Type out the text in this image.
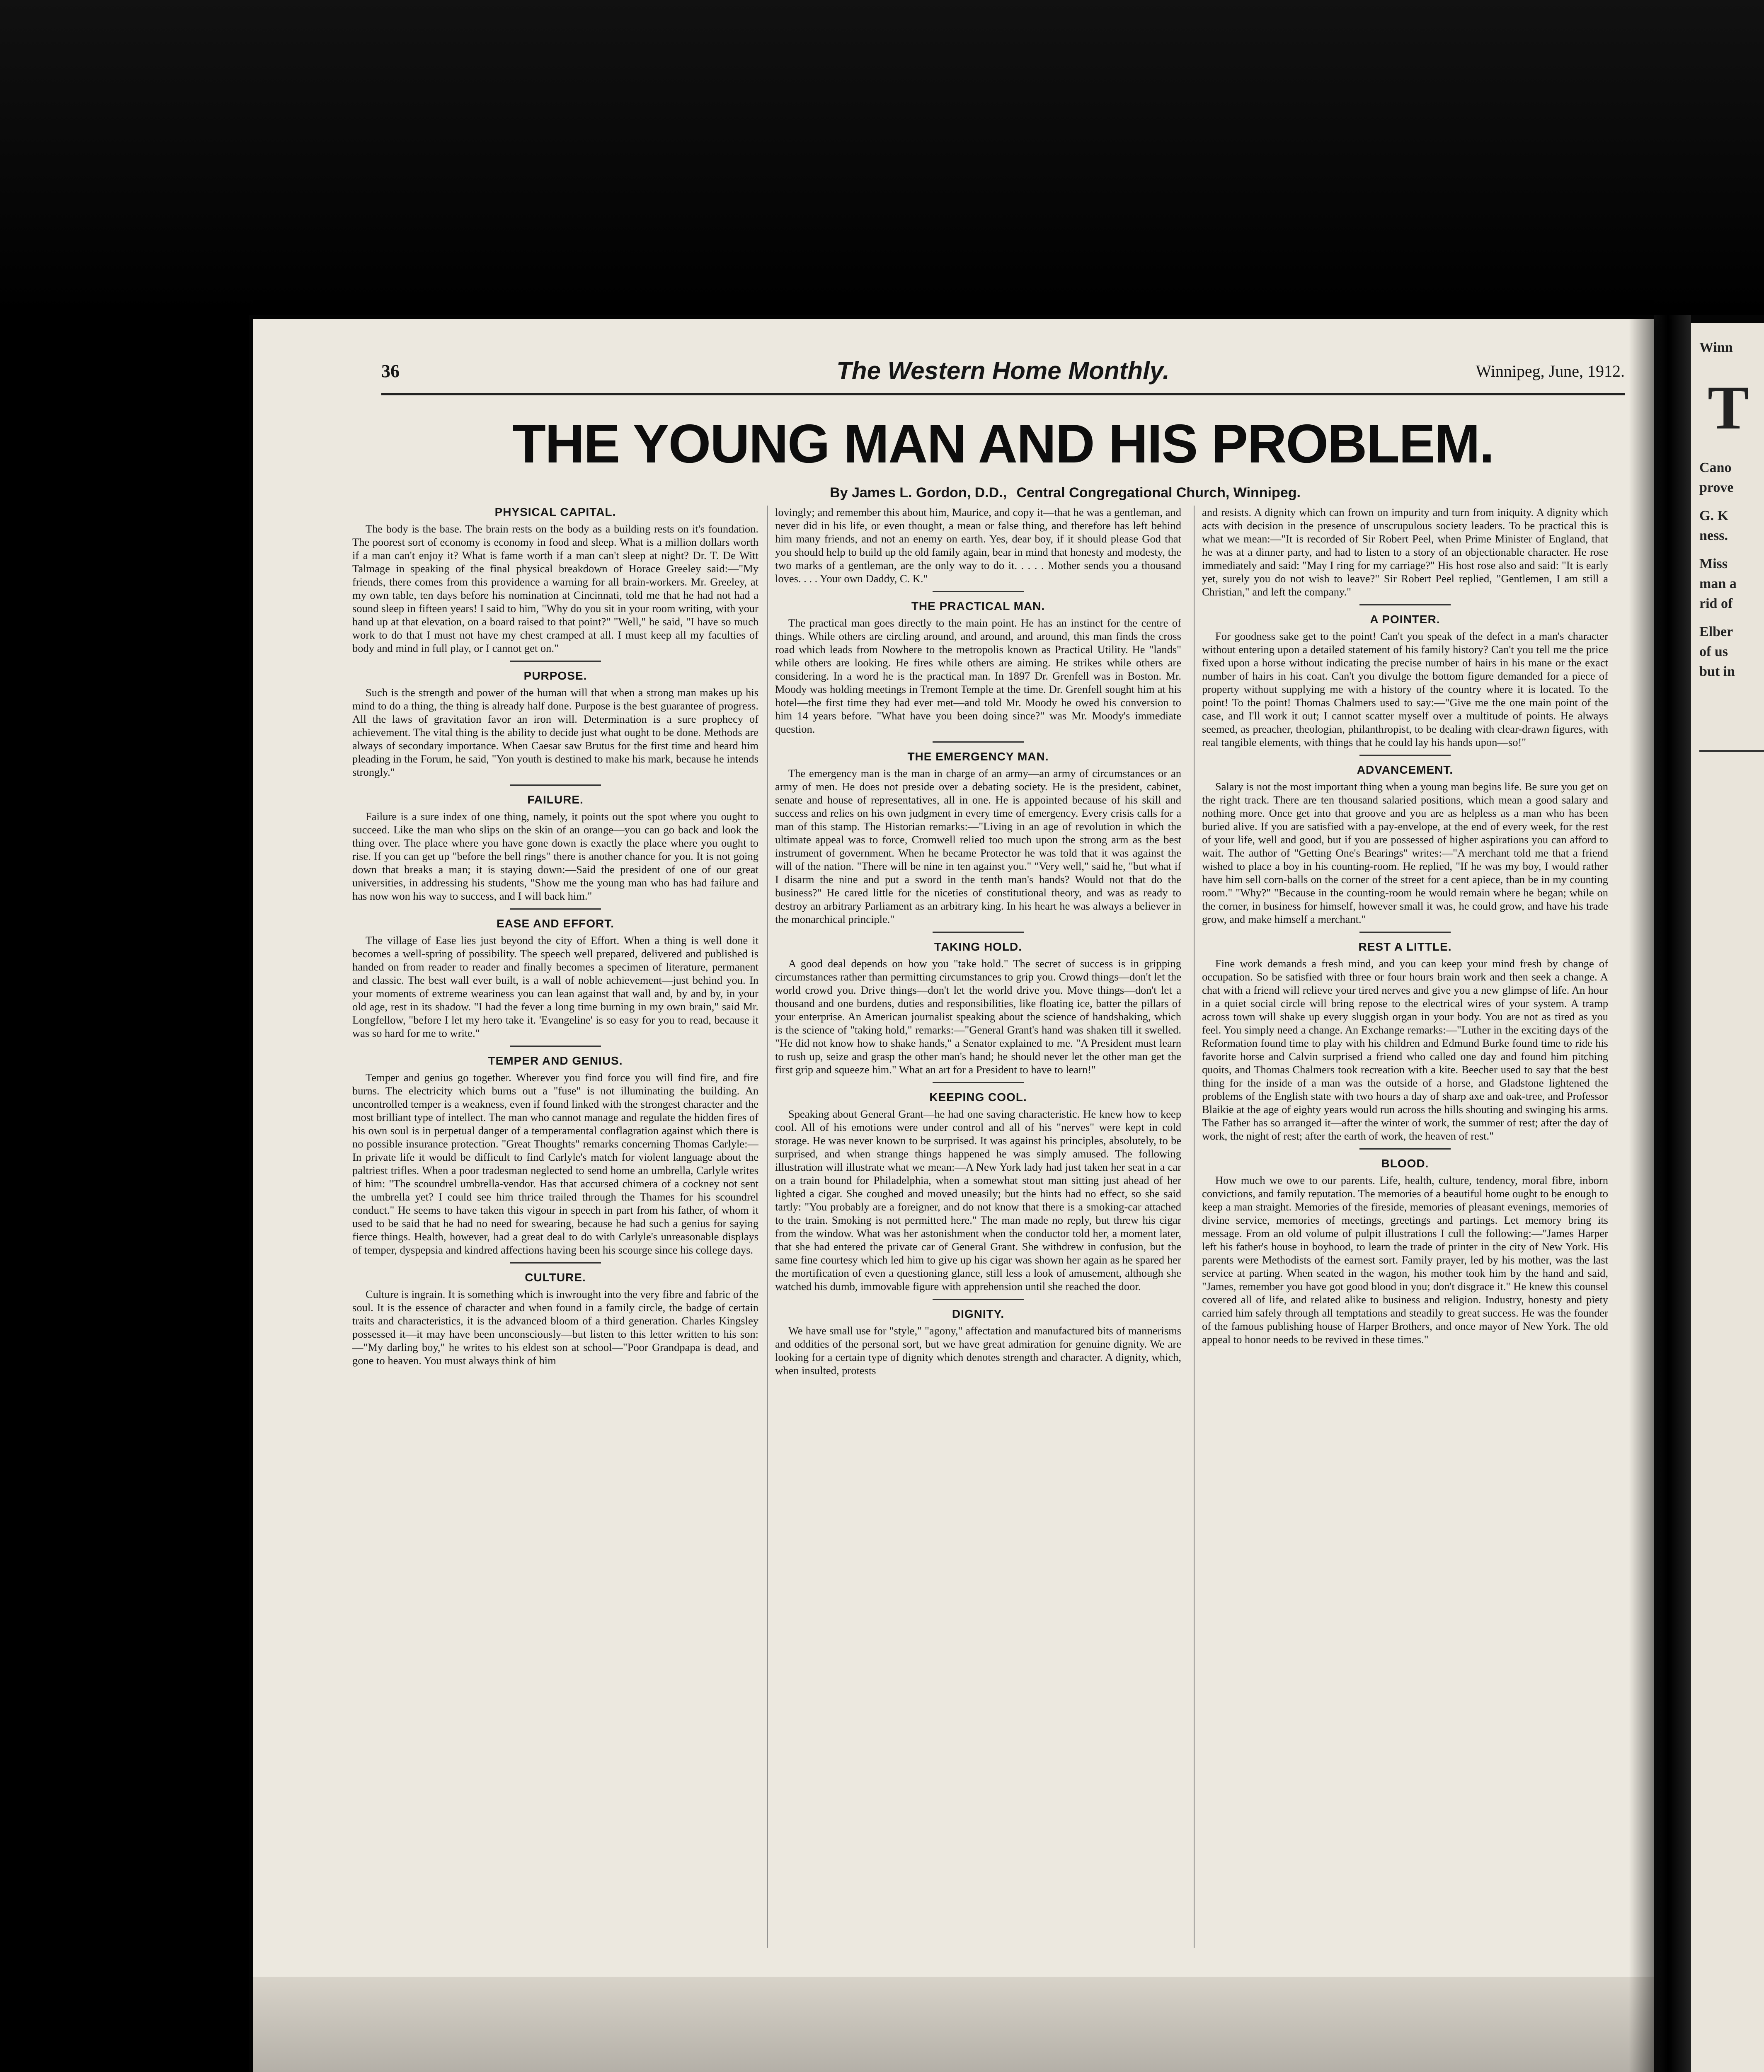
Winn
T
Cano
prove
G. K
ness.
Miss
man a
rid of
Elber
of us
but in
36	The Western Home Monthly.	Winnipeg, June, 1912.
THE YOUNG MAN AND HIS PROBLEM.
By James L. Gordon, D.D., Central Congregational Church, Winnipeg.
PHYSICAL CAPITAL.

The body is the base. The brain rests on the body as a building rests on it's foundation. The poorest sort of economy is economy in food and sleep. What is a million dollars worth if a man can't enjoy it? What is fame worth if a man can't sleep at night? Dr. T. De Witt Talmage in speaking of the final physical breakdown of Horace Greeley said:—"My friends, there comes from this providence a warning for all brain-workers. Mr. Greeley, at my own table, ten days before his nomination at Cincinnati, told me that he had not had a sound sleep in fifteen years! I said to him, "Why do you sit in your room writing, with your hand up at that elevation, on a board raised to that point?" "Well," he said, "I have so much work to do that I must not have my chest cramped at all. I must keep all my faculties of body and mind in full play, or I cannot get on."

PURPOSE.

Such is the strength and power of the human will that when a strong man makes up his mind to do a thing, the thing is already half done. Purpose is the best guarantee of progress. All the laws of gravitation favor an iron will. Determination is a sure prophecy of achievement. The vital thing is the ability to decide just what ought to be done. Methods are always of secondary importance. When Caesar saw Brutus for the first time and heard him pleading in the Forum, he said, "Yon youth is destined to make his mark, because he intends strongly."

FAILURE.

Failure is a sure index of one thing, namely, it points out the spot where you ought to succeed. Like the man who slips on the skin of an orange—you can go back and look the thing over. The place where you have gone down is exactly the place where you ought to rise. If you can get up "before the bell rings" there is another chance for you. It is not going down that breaks a man; it is staying down:—Said the president of one of our great universities, in addressing his students, "Show me the young man who has had failure and has now won his way to success, and I will back him."

EASE AND EFFORT.

The village of Ease lies just beyond the city of Effort. When a thing is well done it becomes a well-spring of possibility. The speech well prepared, delivered and published is handed on from reader to reader and finally becomes a specimen of literature, permanent and classic. The best wall ever built, is a wall of noble achievement—just behind you. In your moments of extreme weariness you can lean against that wall and, by and by, in your old age, rest in its shadow. "I had the fever a long time burning in my own brain," said Mr. Longfellow, "before I let my hero take it. 'Evangeline' is so easy for you to read, because it was so hard for me to write."

TEMPER AND GENIUS.

Temper and genius go together. Wherever you find force you will find fire, and fire burns. The electricity which burns out a "fuse" is not illuminating the building. An uncontrolled temper is a weakness, even if found linked with the strongest character and the most brilliant type of intellect. The man who cannot manage and regulate the hidden fires of his own soul is in perpetual danger of a temperamental conflagration against which there is no possible insurance protection. "Great Thoughts" remarks concerning Thomas Carlyle:—In private life it would be difficult to find Carlyle's match for violent language about the paltriest trifles. When a poor tradesman neglected to send home an umbrella, Carlyle writes of him: "The scoundrel umbrella-vendor. Has that accursed chimera of a cockney not sent the umbrella yet? I could see him thrice trailed through the Thames for his scoundrel conduct." He seems to have taken this vigour in speech in part from his father, of whom it used to be said that he had no need for swearing, because he had such a genius for saying fierce things. Health, however, had a great deal to do with Carlyle's unreasonable displays of temper, dyspepsia and kindred affections having been his scourge since his college days.

CULTURE.

Culture is ingrain. It is something which is inwrought into the very fibre and fabric of the soul. It is the essence of character and when found in a family circle, the badge of certain traits and characteristics, it is the advanced bloom of a third generation. Charles Kingsley possessed it—it may have been unconsciously—but listen to this letter written to his son:—"My darling boy," he writes to his eldest son at school—"Poor Grandpapa is dead, and gone to heaven. You must always think of him

lovingly; and remember this about him, Maurice, and copy it—that he was a gentleman, and never did in his life, or even thought, a mean or false thing, and therefore has left behind him many friends, and not an enemy on earth. Yes, dear boy, if it should please God that you should help to build up the old family again, bear in mind that honesty and modesty, the two marks of a gentleman, are the only way to do it. . . . . Mother sends you a thousand loves. . . . Your own Daddy, C. K."

THE PRACTICAL MAN.

The practical man goes directly to the main point. He has an instinct for the centre of things. While others are circling around, and around, and around, this man finds the cross road which leads from Nowhere to the metropolis known as Practical Utility. He "lands" while others are looking. He fires while others are aiming. He strikes while others are considering. In a word he is the practical man. In 1897 Dr. Grenfell was in Boston. Mr. Moody was holding meetings in Tremont Temple at the time. Dr. Grenfell sought him at his hotel—the first time they had ever met—and told Mr. Moody he owed his conversion to him 14 years before. "What have you been doing since?" was Mr. Moody's immediate question.

THE EMERGENCY MAN.

The emergency man is the man in charge of an army—an army of circumstances or an army of men. He does not preside over a debating society. He is the president, cabinet, senate and house of representatives, all in one. He is appointed because of his skill and success and relies on his own judgment in every time of emergency. Every crisis calls for a man of this stamp. The Historian remarks:—"Living in an age of revolution in which the ultimate appeal was to force, Cromwell relied too much upon the strong arm as the best instrument of government. When he became Protector he was told that it was against the will of the nation. "There will be nine in ten against you." "Very well," said he, "but what if I disarm the nine and put a sword in the tenth man's hands? Would not that do the business?" He cared little for the niceties of constitutional theory, and was as ready to destroy an arbitrary Parliament as an arbitrary king. In his heart he was always a believer in the monarchical principle."

TAKING HOLD.

A good deal depends on how you "take hold." The secret of success is in gripping circumstances rather than permitting circumstances to grip you. Crowd things—don't let the world crowd you. Drive things—don't let the world drive you. Move things—don't let a thousand and one burdens, duties and responsibilities, like floating ice, batter the pillars of your enterprise. An American journalist speaking about the science of handshaking, which is the science of "taking hold," remarks:—"General Grant's hand was shaken till it swelled. "He did not know how to shake hands," a Senator explained to me. "A President must learn to rush up, seize and grasp the other man's hand; he should never let the other man get the first grip and squeeze him." What an art for a President to have to learn!"

KEEPING COOL.

Speaking about General Grant—he had one saving characteristic. He knew how to keep cool. All of his emotions were under control and all of his "nerves" were kept in cold storage. He was never known to be surprised. It was against his principles, absolutely, to be surprised, and when strange things happened he was simply amused. The following illustration will illustrate what we mean:—A New York lady had just taken her seat in a car on a train bound for Philadelphia, when a somewhat stout man sitting just ahead of her lighted a cigar. She coughed and moved uneasily; but the hints had no effect, so she said tartly: "You probably are a foreigner, and do not know that there is a smoking-car attached to the train. Smoking is not permitted here." The man made no reply, but threw his cigar from the window. What was her astonishment when the conductor told her, a moment later, that she had entered the private car of General Grant. She withdrew in confusion, but the same fine courtesy which led him to give up his cigar was shown her again as he spared her the mortification of even a questioning glance, still less a look of amusement, although she watched his dumb, immovable figure with apprehension until she reached the door.

DIGNITY.

We have small use for "style," "agony," affectation and manufactured bits of mannerisms and oddities of the personal sort, but we have great admiration for genuine dignity. We are looking for a certain type of dignity which denotes strength and character. A dignity, which, when insulted, protests

and resists. A dignity which can frown on impurity and turn from iniquity. A dignity which acts with decision in the presence of unscrupulous society leaders. To be practical this is what we mean:—"It is recorded of Sir Robert Peel, when Prime Minister of England, that he was at a dinner party, and had to listen to a story of an objectionable character. He rose immediately and said: "May I ring for my carriage?" His host rose also and said: "It is early yet, surely you do not wish to leave?" Sir Robert Peel replied, "Gentlemen, I am still a Christian," and left the company."

A POINTER.

For goodness sake get to the point! Can't you speak of the defect in a man's character without entering upon a detailed statement of his family history? Can't you tell me the price fixed upon a horse without indicating the precise number of hairs in his mane or the exact number of hairs in his coat. Can't you divulge the bottom figure demanded for a piece of property without supplying me with a history of the country where it is located. To the point! To the point! Thomas Chalmers used to say:—"Give me the one main point of the case, and I'll work it out; I cannot scatter myself over a multitude of points. He always seemed, as preacher, theologian, philanthropist, to be dealing with clear-drawn figures, with real tangible elements, with things that he could lay his hands upon—so!"

ADVANCEMENT.

Salary is not the most important thing when a young man begins life. Be sure you get on the right track. There are ten thousand salaried positions, which mean a good salary and nothing more. Once get into that groove and you are as helpless as a man who has been buried alive. If you are satisfied with a pay-envelope, at the end of every week, for the rest of your life, well and good, but if you are possessed of higher aspirations you can afford to wait. The author of "Getting One's Bearings" writes:—"A merchant told me that a friend wished to place a boy in his counting-room. He replied, "If he was my boy, I would rather have him sell corn-balls on the corner of the street for a cent apiece, than be in my counting room." "Why?" "Because in the counting-room he would remain where he began; while on the corner, in business for himself, however small it was, he could grow, and have his trade grow, and make himself a merchant."

REST A LITTLE.

Fine work demands a fresh mind, and you can keep your mind fresh by change of occupation. So be satisfied with three or four hours brain work and then seek a change. A chat with a friend will relieve your tired nerves and give you a new glimpse of life. An hour in a quiet social circle will bring repose to the electrical wires of your system. A tramp across town will shake up every sluggish organ in your body. You are not as tired as you feel. You simply need a change. An Exchange remarks:—"Luther in the exciting days of the Reformation found time to play with his children and Edmund Burke found time to ride his favorite horse and Calvin surprised a friend who called one day and found him pitching quoits, and Thomas Chalmers took recreation with a kite. Beecher used to say that the best thing for the inside of a man was the outside of a horse, and Gladstone lightened the problems of the English state with two hours a day of sharp axe and oak-tree, and Professor Blaikie at the age of eighty years would run across the hills shouting and swinging his arms. The Father has so arranged it—after the winter of work, the summer of rest; after the day of work, the night of rest; after the earth of work, the heaven of rest."

BLOOD.

How much we owe to our parents. Life, health, culture, tendency, moral fibre, inborn convictions, and family reputation. The memories of a beautiful home ought to be enough to keep a man straight. Memories of the fireside, memories of pleasant evenings, memories of divine service, memories of meetings, greetings and partings. Let memory bring its message. From an old volume of pulpit illustrations I cull the following:—"James Harper left his father's house in boyhood, to learn the trade of printer in the city of New York. His parents were Methodists of the earnest sort. Family prayer, led by his mother, was the last service at parting. When seated in the wagon, his mother took him by the hand and said, "James, remember you have got good blood in you; don't disgrace it." He knew this counsel covered all of life, and related alike to business and religion. Industry, honesty and piety carried him safely through all temptations and steadily to great success. He was the founder of the famous publishing house of Harper Brothers, and once mayor of New York. The old appeal to honor needs to be revived in these times."
